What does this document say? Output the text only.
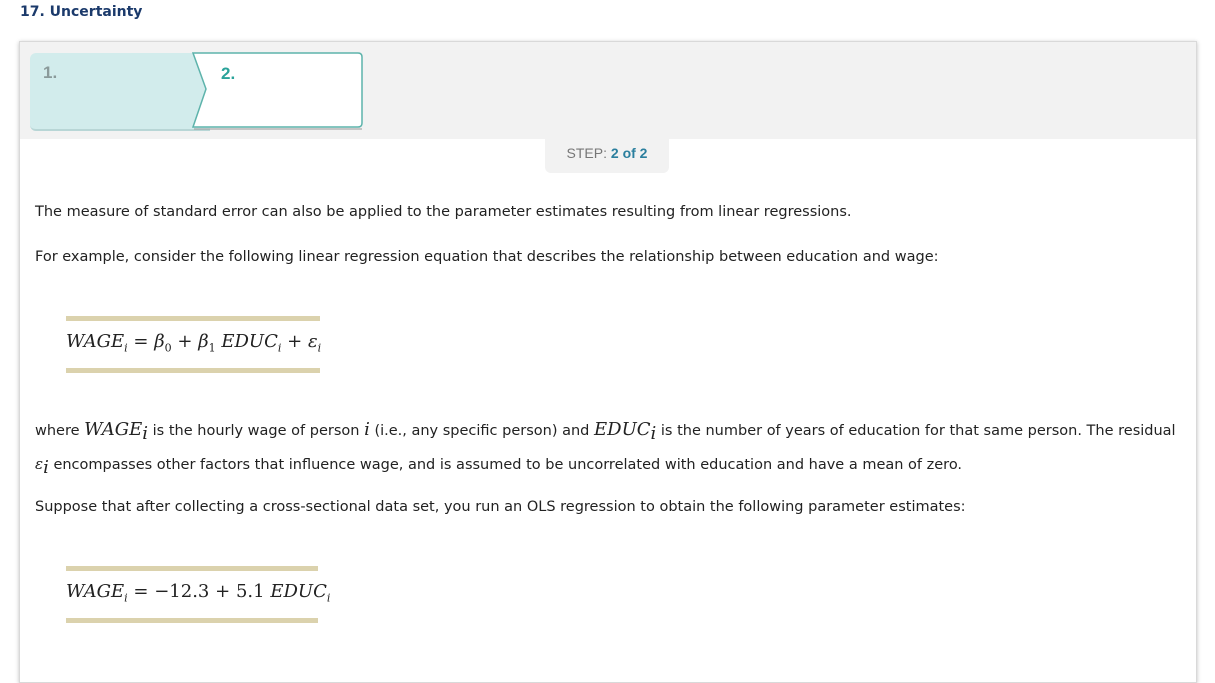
17. Uncertainty
1.	2.
STEP: 2 of 2
The measure of standard error can also be applied to the parameter estimates resulting from linear regressions.
For example, consider the following linear regression equation that describes the relationship between education and wage:
$WAGE_i = \beta_0 + \beta_1$ $EDUC_i + \varepsilon_i$
where $WAGE_i$ is the hourly wage of person i (i.e., any specific person) and $EDUC_i$ is the number of years of education for that same person. The residual $\varepsilon_i$ encompasses other factors that influence wage, and is assumed to be uncorrelated with education and have a mean of zero.
Suppose that after collecting a cross-sectional data set, you run an OLS regression to obtain the following parameter estimates:
$WAGE_i = -12.3 + 5.1$ $EDUC_i$
